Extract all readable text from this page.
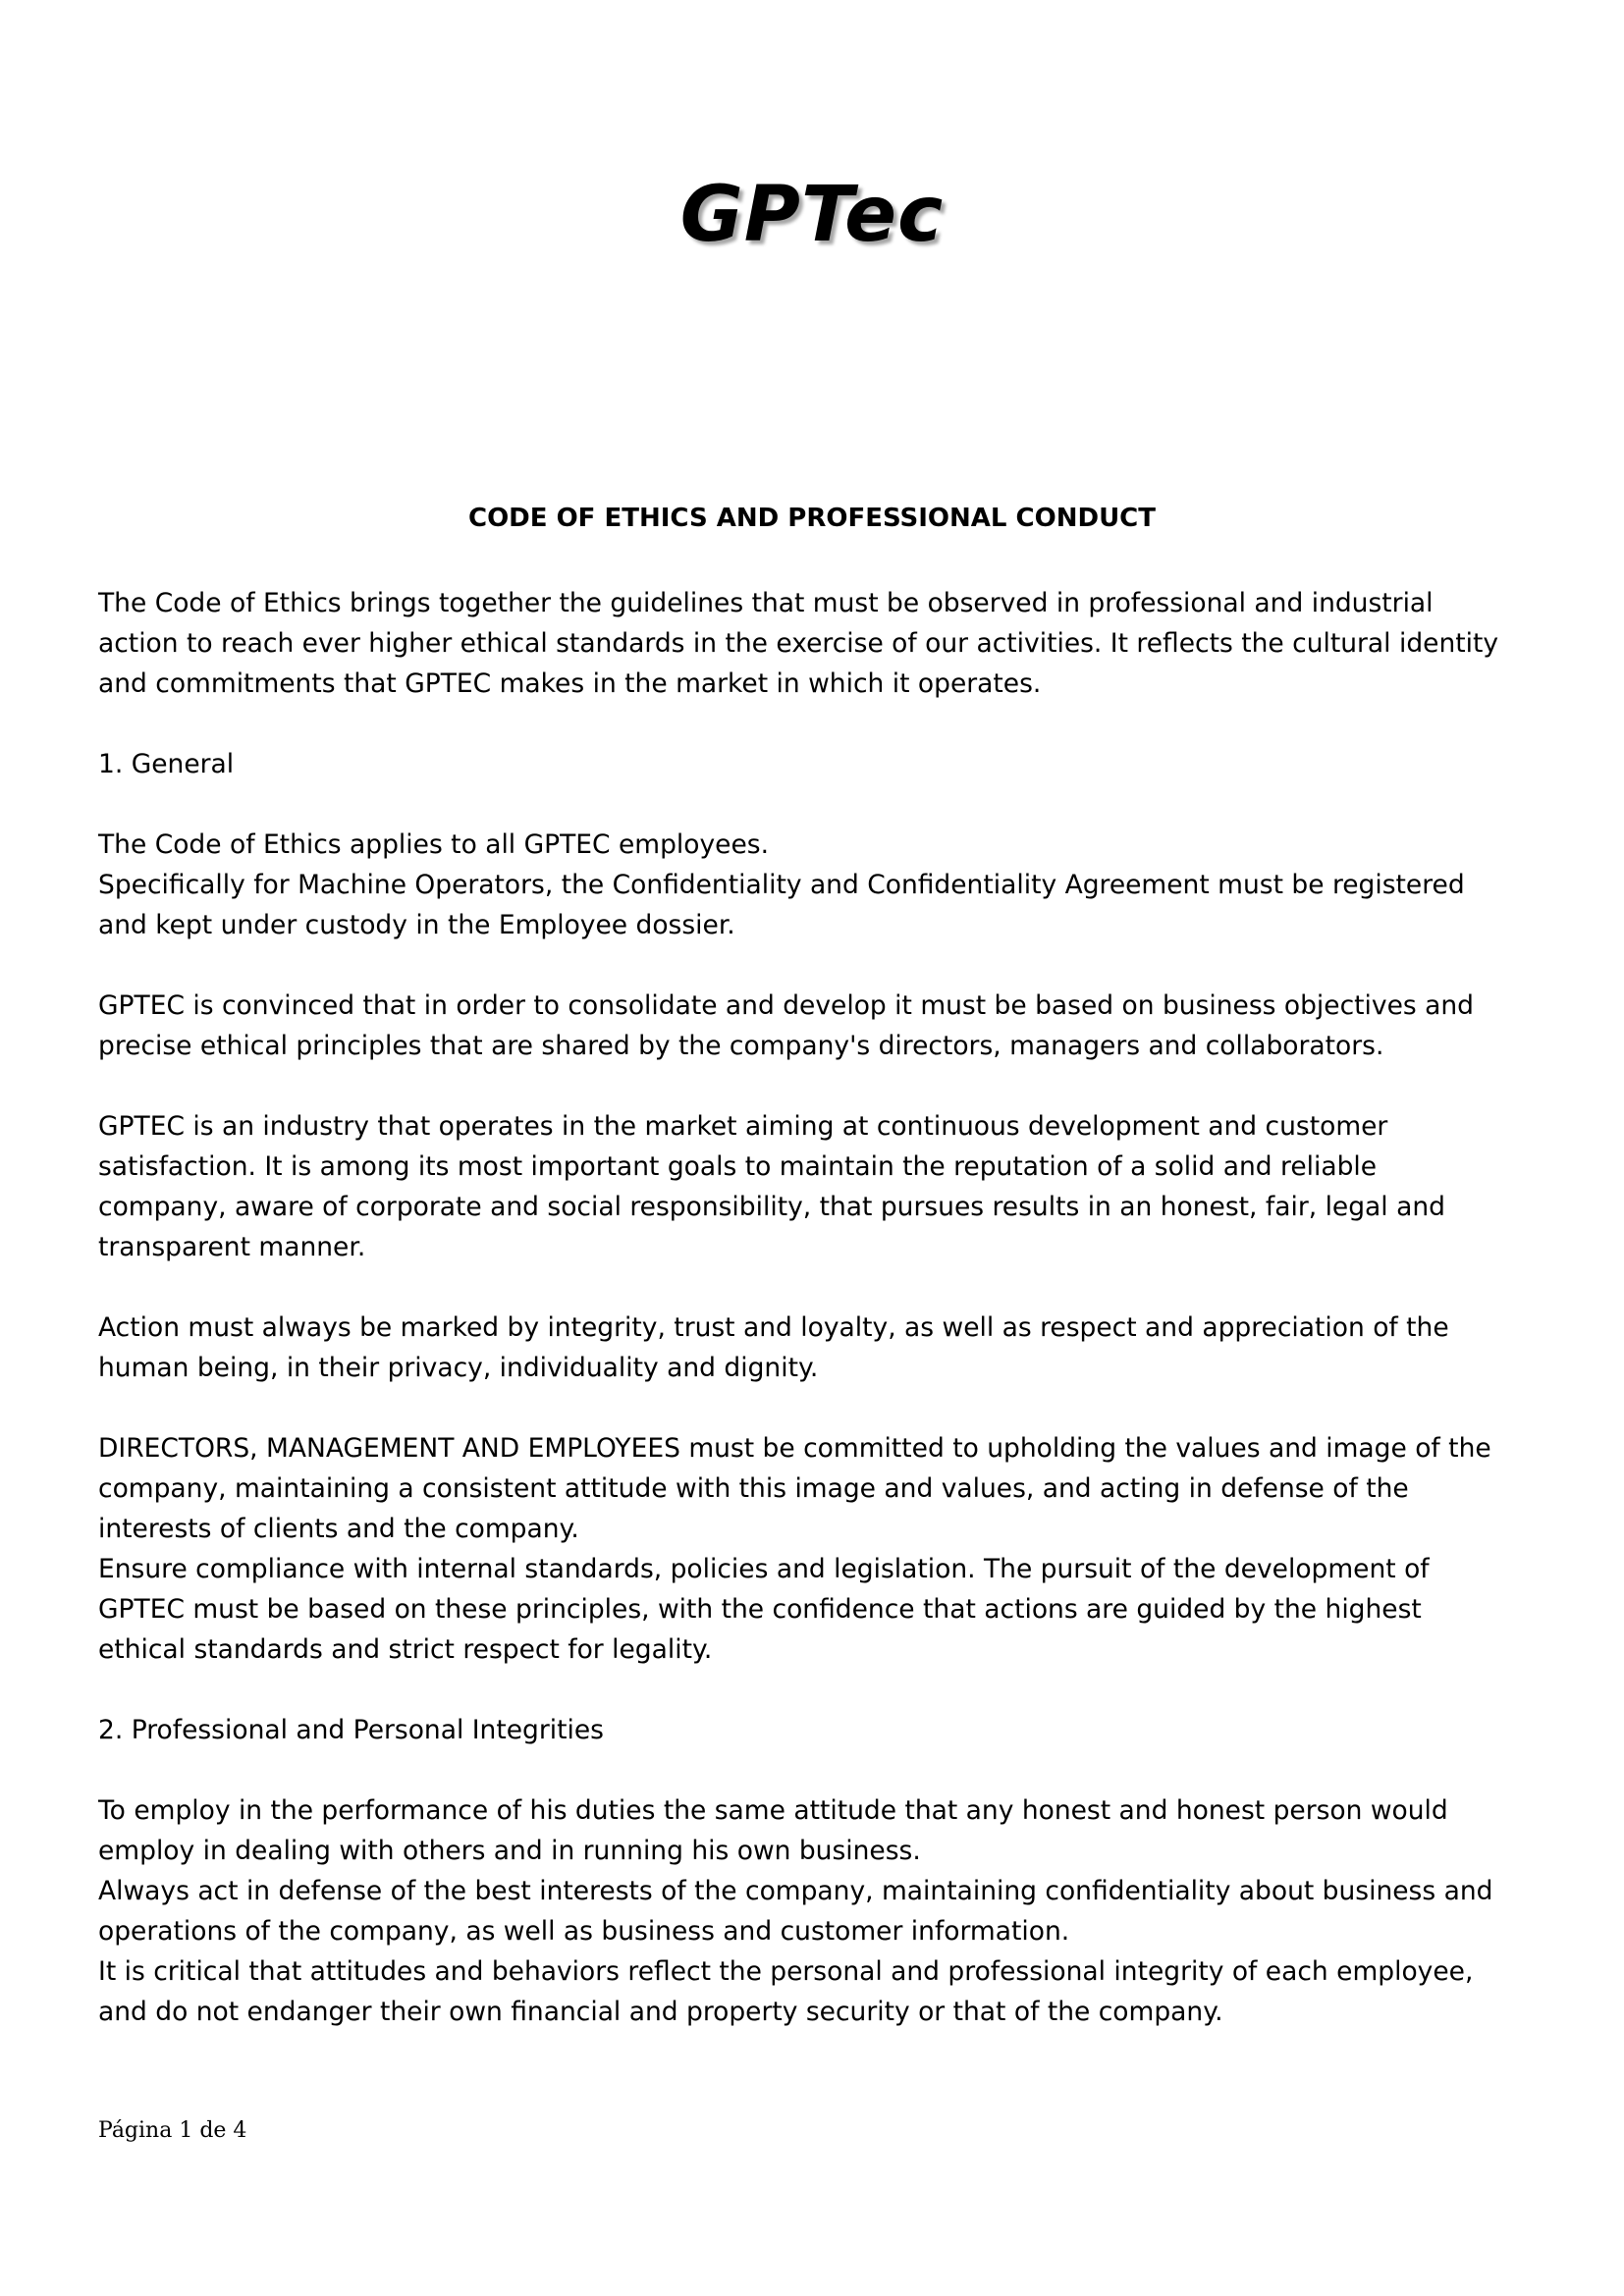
GPTec
CODE OF ETHICS AND PROFESSIONAL CONDUCT

The Code of Ethics brings together the guidelines that must be observed in professional and industrial
action to reach ever higher ethical standards in the exercise of our activities. It reflects the cultural identity
and commitments that GPTEC makes in the market in which it operates.

1. General

The Code of Ethics applies to all GPTEC employees.
Specifically for Machine Operators, the Confidentiality and Confidentiality Agreement must be registered
and kept under custody in the Employee dossier.

GPTEC is convinced that in order to consolidate and develop it must be based on business objectives and
precise ethical principles that are shared by the company's directors, managers and collaborators.

GPTEC is an industry that operates in the market aiming at continuous development and customer
satisfaction. It is among its most important goals to maintain the reputation of a solid and reliable
company, aware of corporate and social responsibility, that pursues results in an honest, fair, legal and
transparent manner.

Action must always be marked by integrity, trust and loyalty, as well as respect and appreciation of the
human being, in their privacy, individuality and dignity.

DIRECTORS, MANAGEMENT AND EMPLOYEES must be committed to upholding the values and image of the
company, maintaining a consistent attitude with this image and values, and acting in defense of the
interests of clients and the company.
Ensure compliance with internal standards, policies and legislation. The pursuit of the development of
GPTEC must be based on these principles, with the confidence that actions are guided by the highest
ethical standards and strict respect for legality.

2. Professional and Personal Integrities

To employ in the performance of his duties the same attitude that any honest and honest person would
employ in dealing with others and in running his own business.
Always act in defense of the best interests of the company, maintaining confidentiality about business and
operations of the company, as well as business and customer information.
It is critical that attitudes and behaviors reflect the personal and professional integrity of each employee,
and do not endanger their own financial and property security or that of the company.

Página 1 de 4
